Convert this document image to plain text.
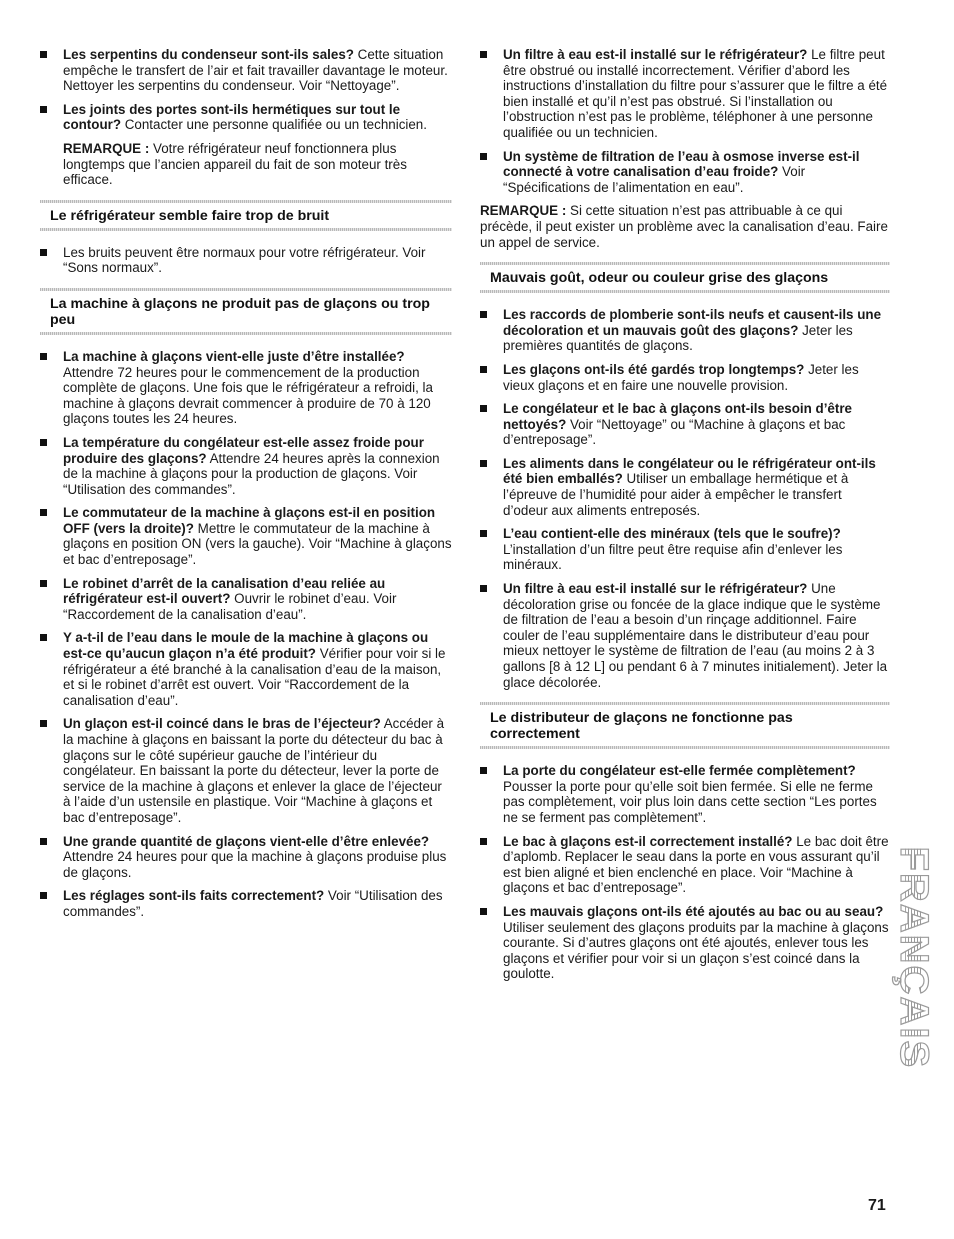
Les serpentins du condenseur sont-ils sales? Cette situation empêche le transfert de l’air et fait travailler davantage le moteur. Nettoyer les serpentins du condenseur. Voir “Nettoyage”.
Les joints des portes sont-ils hermétiques sur tout le contour? Contacter une personne qualifiée ou un technicien.
REMARQUE : Votre réfrigérateur neuf fonctionnera plus longtemps que l’ancien appareil du fait de son moteur très efficace.
Le réfrigérateur semble faire trop de bruit
Les bruits peuvent être normaux pour votre réfrigérateur. Voir “Sons normaux”.
La machine à glaçons ne produit pas de glaçons ou trop peu
La machine à glaçons vient-elle juste d’être installée? Attendre 72 heures pour le commencement de la production complète de glaçons. Une fois que le réfrigérateur a refroidi, la machine à glaçons devrait commencer à produire de 70 à 120 glaçons toutes les 24 heures.
La température du congélateur est-elle assez froide pour produire des glaçons? Attendre 24 heures après la connexion de la machine à glaçons pour la production de glaçons. Voir “Utilisation des commandes”.
Le commutateur de la machine à glaçons est-il en position OFF (vers la droite)? Mettre le commutateur de la machine à glaçons en position ON (vers la gauche). Voir “Machine à glaçons et bac d’entreposage”.
Le robinet d’arrêt de la canalisation d’eau reliée au réfrigérateur est-il ouvert? Ouvrir le robinet d’eau. Voir “Raccordement de la canalisation d’eau”.
Y a-t-il de l’eau dans le moule de la machine à glaçons ou est-ce qu’aucun glaçon n’a été produit? Vérifier pour voir si le réfrigérateur a été branché à la canalisation d’eau de la maison, et si le robinet d’arrêt est ouvert. Voir “Raccordement de la canalisation d’eau”.
Un glaçon est-il coincé dans le bras de l’éjecteur? Accéder à la machine à glaçons en baissant la porte du détecteur du bac à glaçons sur le côté supérieur gauche de l’intérieur du congélateur. En baissant la porte du détecteur, lever la porte de service de la machine à glaçons et enlever la glace de l’éjecteur à l’aide d’un ustensile en plastique. Voir “Machine à glaçons et bac d’entreposage”.
Une grande quantité de glaçons vient-elle d’être enlevée? Attendre 24 heures pour que la machine à glaçons produise plus de glaçons.
Les réglages sont-ils faits correctement? Voir “Utilisation des commandes”.
Un filtre à eau est-il installé sur le réfrigérateur? Le filtre peut être obstrué ou installé incorrectement. Vérifier d’abord les instructions d’installation du filtre pour s’assurer que le filtre a été bien installé et qu’il n’est pas obstrué. Si l’installation ou l’obstruction n’est pas le problème, téléphoner à une personne qualifiée ou un technicien.
Un système de filtration de l’eau à osmose inverse est-il connecté à votre canalisation d’eau froide? Voir “Spécifications de l’alimentation en eau”.
REMARQUE : Si cette situation n’est pas attribuable à ce qui précède, il peut exister un problème avec la canalisation d’eau. Faire un appel de service.
Mauvais goût, odeur ou couleur grise des glaçons
Les raccords de plomberie sont-ils neufs et causent-ils une décoloration et un mauvais goût des glaçons? Jeter les premières quantités de glaçons.
Les glaçons ont-ils été gardés trop longtemps? Jeter les vieux glaçons et en faire une nouvelle provision.
Le congélateur et le bac à glaçons ont-ils besoin d’être nettoyés? Voir “Nettoyage” ou “Machine à glaçons et bac d’entreposage”.
Les aliments dans le congélateur ou le réfrigérateur ont-ils été bien emballés? Utiliser un emballage hermétique et à l’épreuve de l’humidité pour aider à empêcher le transfert d’odeur aux aliments entreposés.
L’eau contient-elle des minéraux (tels que le soufre)? L’installation d’un filtre peut être requise afin d’enlever les minéraux.
Un filtre à eau est-il installé sur le réfrigérateur? Une décoloration grise ou foncée de la glace indique que le système de filtration de l’eau a besoin d’un rinçage additionnel. Faire couler de l’eau supplémentaire dans le distributeur d’eau pour mieux nettoyer le système de filtration de l’eau (au moins 2 à 3 gallons [8 à 12 L] ou pendant 6 à 7 minutes initialement). Jeter la glace décolorée.
Le distributeur de glaçons ne fonctionne pas correctement
La porte du congélateur est-elle fermée complètement? Pousser la porte pour qu’elle soit bien fermée. Si elle ne ferme pas complètement, voir plus loin dans cette section “Les portes ne se ferment pas complètement”.
Le bac à glaçons est-il correctement installé? Le bac doit être d’aplomb. Replacer le seau dans la porte en vous assurant qu’il est bien aligné et bien enclenché en place. Voir “Machine à glaçons et bac d’entreposage”.
Les mauvais glaçons ont-ils été ajoutés au bac ou au seau? Utiliser seulement des glaçons produits par la machine à glaçons courante. Si d’autres glaçons ont été ajoutés, enlever tous les glaçons et vérifier pour voir si un glaçon s’est coincé dans la goulotte.	FRANÇAIS
71
